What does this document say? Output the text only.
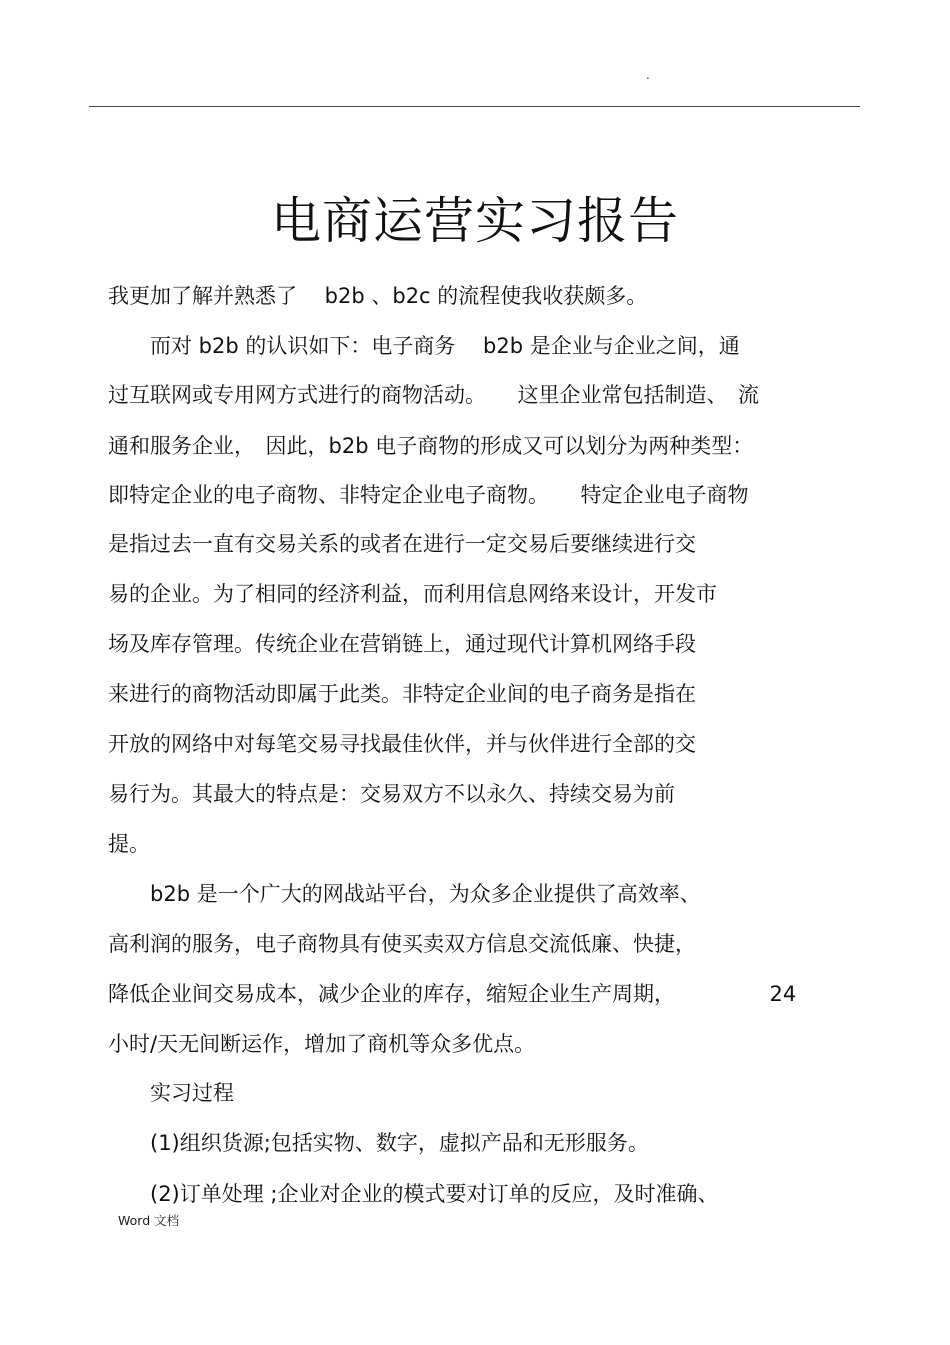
.
电商运营实习报告
我更加了解并熟悉了　 b2b 、b2c 的流程使我收获颇多。
　　而对 b2b 的认识如下：电子商务　 b2b 是企业与企业之间，通
过互联网或专用网方式进行的商物活动。　　这里企业常包括制造、　流
通和服务企业，　因此，b2b 电子商物的形成又可以划分为两种类型：
即特定企业的电子商物、非特定企业电子商物。　　特定企业电子商物
是指过去一直有交易关系的或者在进行一定交易后要继续进行交
易的企业。为了相同的经济利益，而利用信息网络来设计，开发市
场及库存管理。传统企业在营销链上，通过现代计算机网络手段
来进行的商物活动即属于此类。非特定企业间的电子商务是指在
开放的网络中对每笔交易寻找最佳伙伴，并与伙伴进行全部的交
易行为。其最大的特点是：交易双方不以永久、持续交易为前
提。
　　b2b 是一个广大的网战站平台，为众多企业提供了高效率、
高利润的服务，电子商物具有使买卖双方信息交流低廉、快捷，
降低企业间交易成本，减少企业的库存，缩短企业生产周期，　　　　　24
小时/天无间断运作，增加了商机等众多优点。
　　实习过程
　　(1)组织货源;包括实物、数字，虚拟产品和无形服务。
　　(2)订单处理 ;企业对企业的模式要对订单的反应，及时准确、
Word 文档
